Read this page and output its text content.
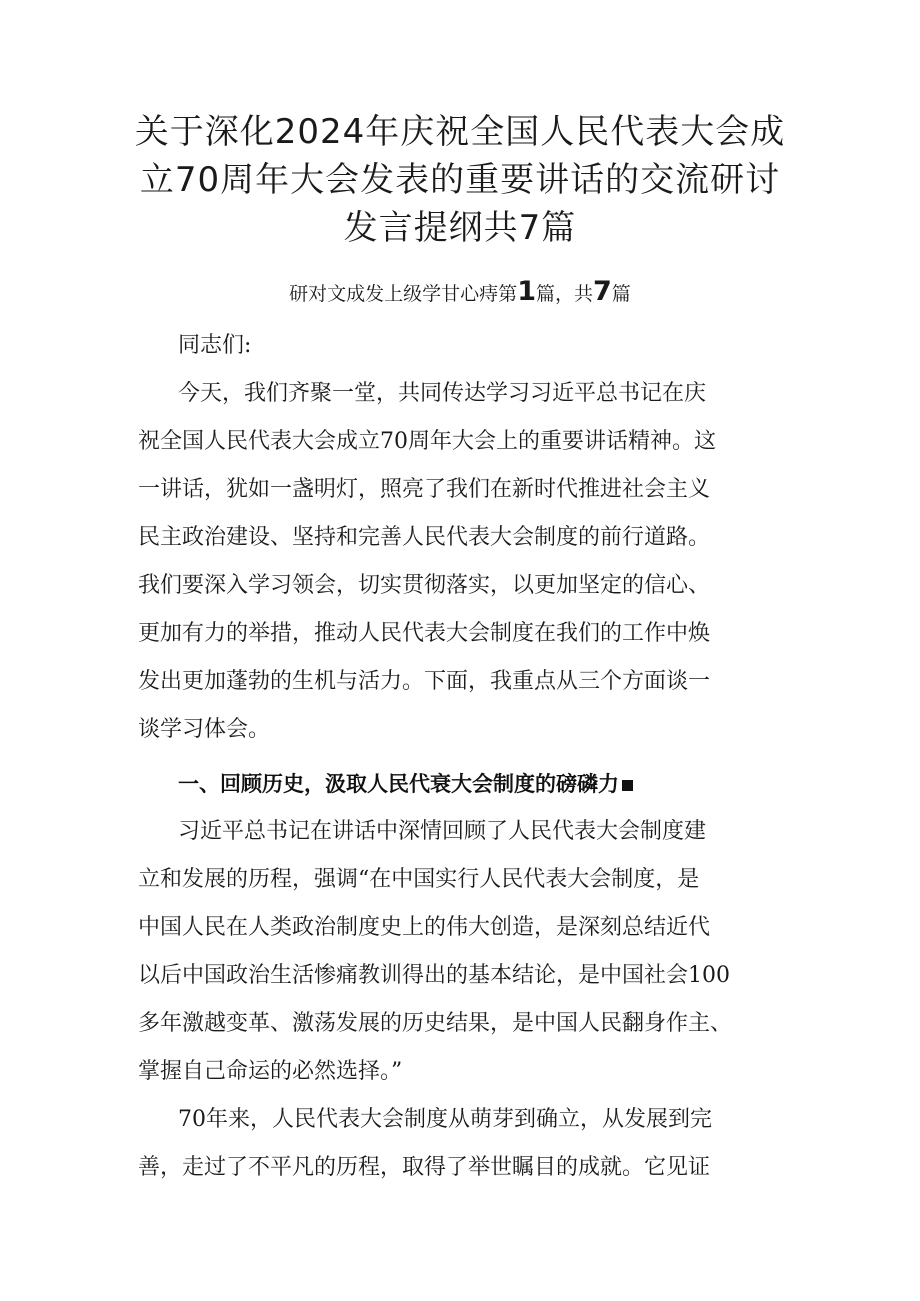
关于深化2024年庆祝全国人民代表大会成
立70周年大会发表的重要讲话的交流研讨
发言提纲共7篇
研对文成发上级学甘心痔第1篇，共7篇
同志们:
今天，我们齐聚一堂，共同传达学习习近平总书记在庆
祝全国人民代表大会成立70周年大会上的重要讲话精神。这
一讲话，犹如一盏明灯，照亮了我们在新时代推进社会主义
民主政治建设、坚持和完善人民代表大会制度的前行道路。
我们要深入学习领会，切实贯彻落实，以更加坚定的信心、
更加有力的举措，推动人民代表大会制度在我们的工作中焕
发出更加蓬勃的生机与活力。下面，我重点从三个方面谈一
谈学习体会。
一、回顾历史，汲取人民代衰大会制度的磅磷力
习近平总书记在讲话中深情回顾了人民代表大会制度建
立和发展的历程，强调“在中国实行人民代表大会制度，是
中国人民在人类政治制度史上的伟大创造，是深刻总结近代
以后中国政治生活惨痛教训得出的基本结论，是中国社会100
多年激越变革、激荡发展的历史结果，是中国人民翻身作主、
掌握自己命运的必然选择。”
70年来，人民代表大会制度从萌芽到确立，从发展到完
善，走过了不平凡的历程，取得了举世瞩目的成就。它见证
